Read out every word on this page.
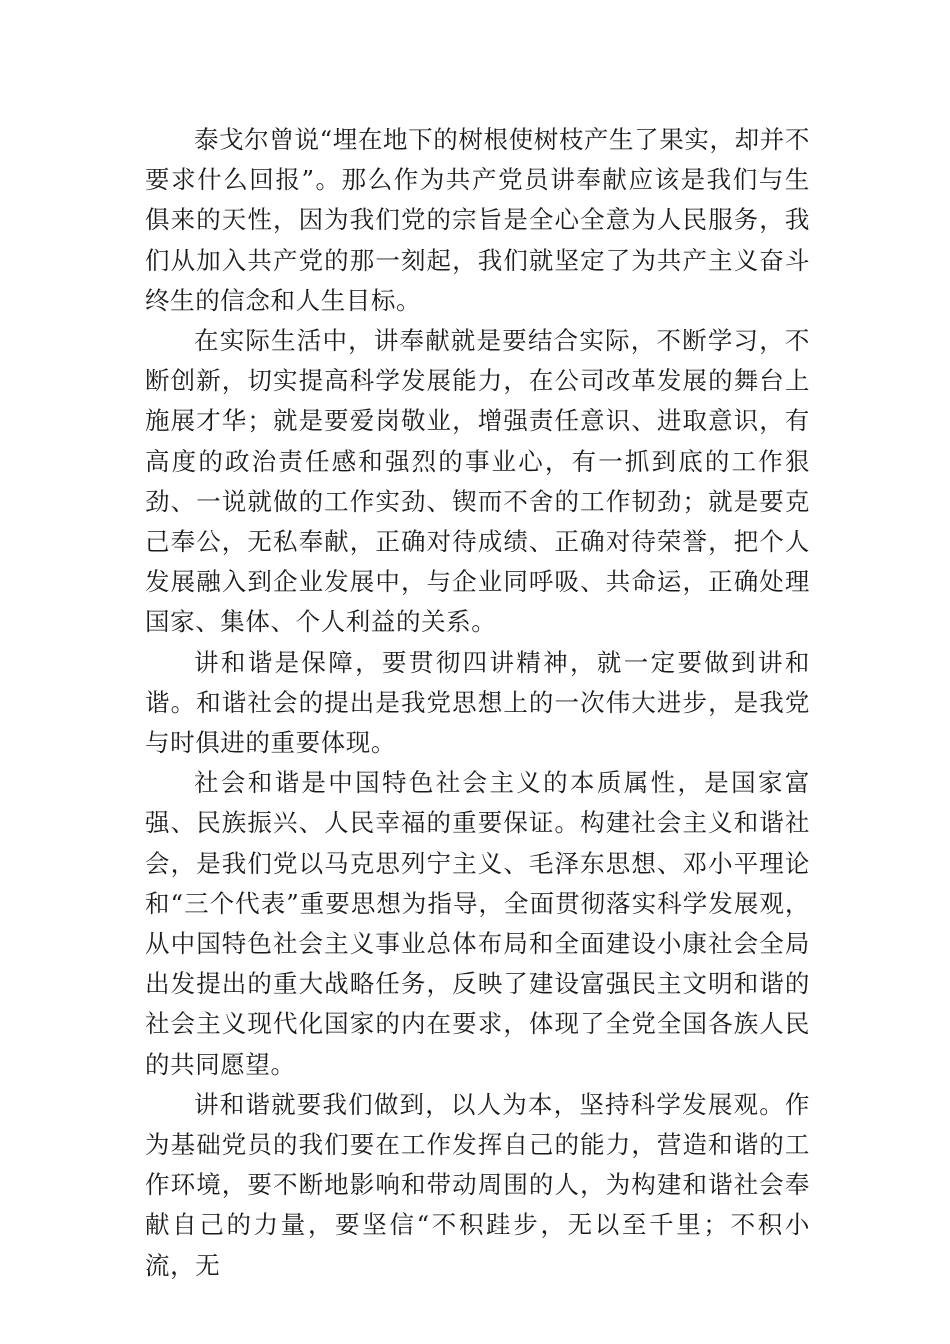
泰戈尔曾说“埋在地下的树根使树枝产生了果实，却并不要求什么回报”。那么作为共产党员讲奉献应该是我们与生俱来的天性，因为我们党的宗旨是全心全意为人民服务，我们从加入共产党的那一刻起，我们就坚定了为共产主义奋斗终生的信念和人生目标。

在实际生活中，讲奉献就是要结合实际，不断学习，不断创新，切实提高科学发展能力，在公司改革发展的舞台上施展才华；就是要爱岗敬业，增强责任意识、进取意识，有高度的政治责任感和强烈的事业心，有一抓到底的工作狠劲、一说就做的工作实劲、锲而不舍的工作韧劲；就是要克己奉公，无私奉献，正确对待成绩、正确对待荣誉，把个人发展融入到企业发展中，与企业同呼吸、共命运，正确处理国家、集体、个人利益的关系。

讲和谐是保障，要贯彻四讲精神，就一定要做到讲和谐。和谐社会的提出是我党思想上的一次伟大进步，是我党与时俱进的重要体现。

社会和谐是中国特色社会主义的本质属性，是国家富强、民族振兴、人民幸福的重要保证。构建社会主义和谐社会，是我们党以马克思列宁主义、毛泽东思想、邓小平理论和“三个代表”重要思想为指导，全面贯彻落实科学发展观，从中国特色社会主义事业总体布局和全面建设小康社会全局出发提出的重大战略任务，反映了建设富强民主文明和谐的社会主义现代化国家的内在要求，体现了全党全国各族人民的共同愿望。

讲和谐就要我们做到，以人为本，坚持科学发展观。作为基础党员的我们要在工作发挥自己的能力，营造和谐的工作环境，要不断地影响和带动周围的人，为构建和谐社会奉献自己的力量，要坚信“不积跬步，无以至千里；不积小流，无
